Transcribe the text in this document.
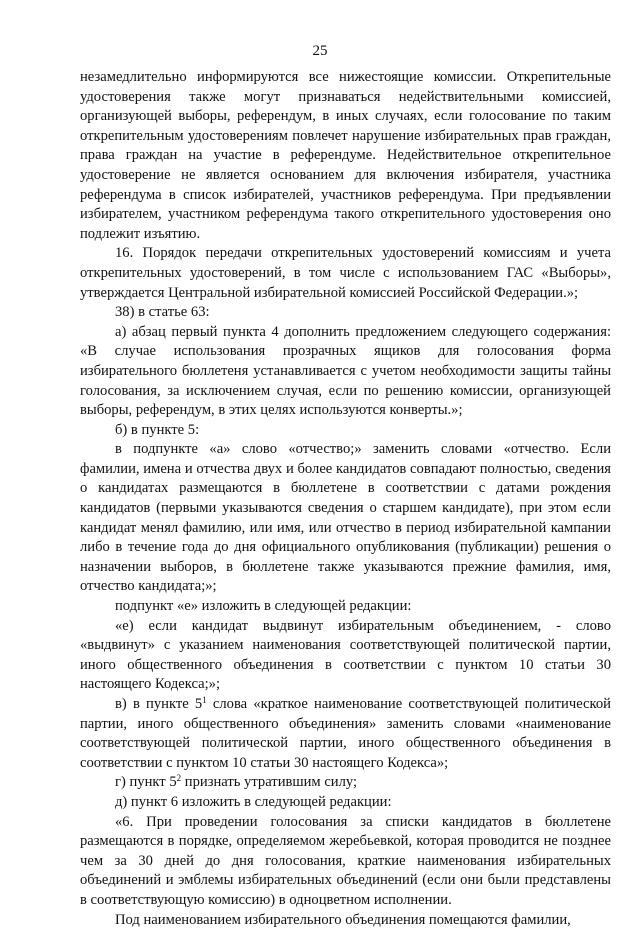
25

незамедлительно информируются все нижестоящие комиссии. Открепительные удостоверения также могут признаваться недействительными комиссией, организующей выборы, референдум, в иных случаях, если голосование по таким открепительным удостоверениям повлечет нарушение избирательных прав граждан, права граждан на участие в референдуме. Недействительное открепительное удостоверение не является основанием для включения избирателя, участника референдума в список избирателей, участников референдума. При предъявлении избирателем, участником референдума такого открепительного удостоверения оно подлежит изъятию.

16. Порядок передачи открепительных удостоверений комиссиям и учета открепительных удостоверений, в том числе с использованием ГАС «Выборы», утверждается Центральной избирательной комиссией Российской Федерации.»;

38) в статье 63:

а) абзац первый пункта 4 дополнить предложением следующего содержания: «В случае использования прозрачных ящиков для голосования форма избирательного бюллетеня устанавливается с учетом необходимости защиты тайны голосования, за исключением случая, если по решению комиссии, организующей выборы, референдум, в этих целях используются конверты.»;

б) в пункте 5:

в подпункте «а» слово «отчество;» заменить словами «отчество. Если фамилии, имена и отчества двух и более кандидатов совпадают полностью, сведения о кандидатах размещаются в бюллетене в соответствии с датами рождения кандидатов (первыми указываются сведения о старшем кандидате), при этом если кандидат менял фамилию, или имя, или отчество в период избирательной кампании либо в течение года до дня официального опубликования (публикации) решения о назначении выборов, в бюллетене также указываются прежние фамилия, имя, отчество кандидата;»;

подпункт «е» изложить в следующей редакции:

«е) если кандидат выдвинут избирательным объединением, - слово «выдвинут» с указанием наименования соответствующей политической партии, иного общественного объединения в соответствии с пунктом 10 статьи 30 настоящего Кодекса;»;

в) в пункте $5^1$ слова «краткое наименование соответствующей политической партии, иного общественного объединения» заменить словами «наименование соответствующей политической партии, иного общественного объединения в соответствии с пунктом 10 статьи 30 настоящего Кодекса»;

г) пункт $5^2$ признать утратившим силу;

д) пункт 6 изложить в следующей редакции:

«6. При проведении голосования за списки кандидатов в бюллетене размещаются в порядке, определяемом жеребьевкой, которая проводится не позднее чем за 30 дней до дня голосования, краткие наименования избирательных объединений и эмблемы избирательных объединений (если они были представлены в соответствующую комиссию) в одноцветном исполнении.

Под наименованием избирательного объединения помещаются фамилии,
